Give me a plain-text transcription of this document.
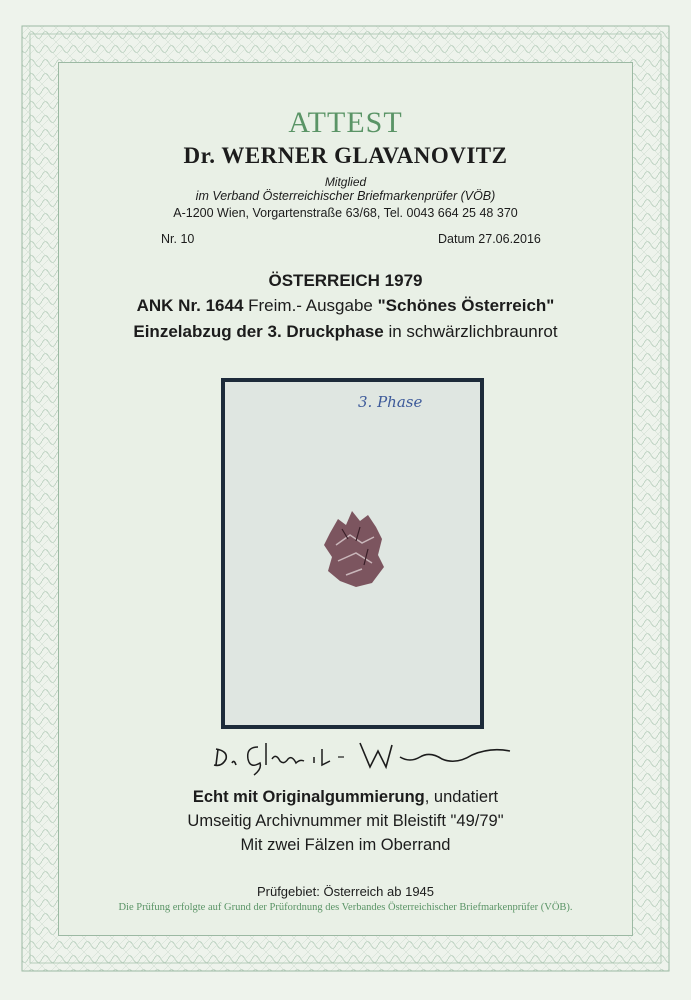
ATTEST
Dr. WERNER GLAVANOVITZ
Mitglied
im Verband Österreichischer Briefmarkenprüfer (VÖB)
A-1200 Wien, Vorgartenstraße 63/68, Tel. 0043 664 25 48 370
Nr. 10	Datum 27.06.2016
ÖSTERREICH 1979
ANK Nr. 1644 Freim.- Ausgabe "Schönes Österreich"
Einzelabzug der 3. Druckphase in schwärzlichbraunrot
3. Phase
Echt mit Originalgummierung, undatiert
Umseitig Archivnummer mit Bleistift "49/79"
Mit zwei Fälzen im Oberrand
Prüfgebiet: Österreich ab 1945
Die Prüfung erfolgte auf Grund der Prüfordnung des Verbandes Österreichischer Briefmarkenprüfer (VÖB).
